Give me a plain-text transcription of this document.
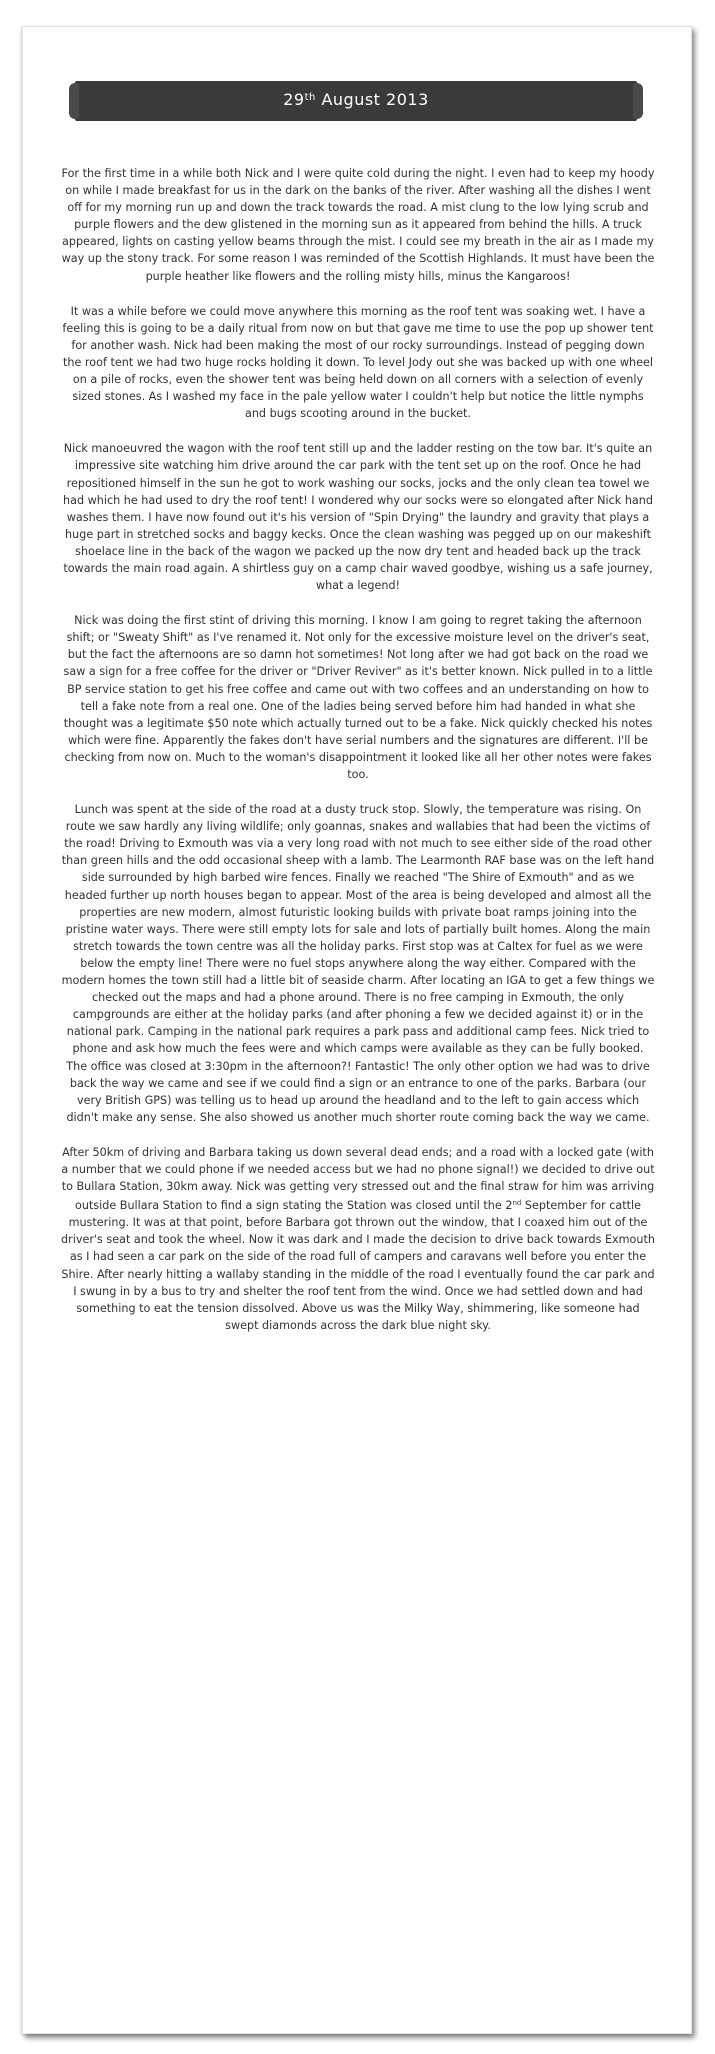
29th August 2013

For the first time in a while both Nick and I were quite cold during the night. I even had to keep my hoody on while I made breakfast for us in the dark on the banks of the river. After washing all the dishes I went off for my morning run up and down the track towards the road. A mist clung to the low lying scrub and purple flowers and the dew glistened in the morning sun as it appeared from behind the hills. A truck appeared, lights on casting yellow beams through the mist. I could see my breath in the air as I made my way up the stony track. For some reason I was reminded of the Scottish Highlands. It must have been the purple heather like flowers and the rolling misty hills, minus the Kangaroos!

It was a while before we could move anywhere this morning as the roof tent was soaking wet. I have a feeling this is going to be a daily ritual from now on but that gave me time to use the pop up shower tent for another wash. Nick had been making the most of our rocky surroundings. Instead of pegging down the roof tent we had two huge rocks holding it down. To level Jody out she was backed up with one wheel on a pile of rocks, even the shower tent was being held down on all corners with a selection of evenly sized stones. As I washed my face in the pale yellow water I couldn't help but notice the little nymphs and bugs scooting around in the bucket.

Nick manoeuvred the wagon with the roof tent still up and the ladder resting on the tow bar. It's quite an impressive site watching him drive around the car park with the tent set up on the roof. Once he had repositioned himself in the sun he got to work washing our socks, jocks and the only clean tea towel we had which he had used to dry the roof tent! I wondered why our socks were so elongated after Nick hand washes them. I have now found out it's his version of "Spin Drying" the laundry and gravity that plays a huge part in stretched socks and baggy kecks. Once the clean washing was pegged up on our makeshift shoelace line in the back of the wagon we packed up the now dry tent and headed back up the track towards the main road again. A shirtless guy on a camp chair waved goodbye, wishing us a safe journey, what a legend!

Nick was doing the first stint of driving this morning. I know I am going to regret taking the afternoon shift; or "Sweaty Shift" as I've renamed it. Not only for the excessive moisture level on the driver's seat, but the fact the afternoons are so damn hot sometimes! Not long after we had got back on the road we saw a sign for a free coffee for the driver or "Driver Reviver" as it's better known. Nick pulled in to a little BP service station to get his free coffee and came out with two coffees and an understanding on how to tell a fake note from a real one. One of the ladies being served before him had handed in what she thought was a legitimate $50 note which actually turned out to be a fake. Nick quickly checked his notes which were fine. Apparently the fakes don't have serial numbers and the signatures are different. I'll be checking from now on. Much to the woman's disappointment it looked like all her other notes were fakes too.

Lunch was spent at the side of the road at a dusty truck stop. Slowly, the temperature was rising. On route we saw hardly any living wildlife; only goannas, snakes and wallabies that had been the victims of the road! Driving to Exmouth was via a very long road with not much to see either side of the road other than green hills and the odd occasional sheep with a lamb. The Learmonth RAF base was on the left hand side surrounded by high barbed wire fences. Finally we reached "The Shire of Exmouth" and as we headed further up north houses began to appear. Most of the area is being developed and almost all the properties are new modern, almost futuristic looking builds with private boat ramps joining into the pristine water ways. There were still empty lots for sale and lots of partially built homes. Along the main stretch towards the town centre was all the holiday parks. First stop was at Caltex for fuel as we were below the empty line! There were no fuel stops anywhere along the way either. Compared with the modern homes the town still had a little bit of seaside charm. After locating an IGA to get a few things we checked out the maps and had a phone around. There is no free camping in Exmouth, the only campgrounds are either at the holiday parks (and after phoning a few we decided against it) or in the national park. Camping in the national park requires a park pass and additional camp fees. Nick tried to phone and ask how much the fees were and which camps were available as they can be fully booked. The office was closed at 3:30pm in the afternoon?! Fantastic! The only other option we had was to drive back the way we came and see if we could find a sign or an entrance to one of the parks. Barbara (our very British GPS) was telling us to head up around the headland and to the left to gain access which didn't make any sense. She also showed us another much shorter route coming back the way we came.

After 50km of driving and Barbara taking us down several dead ends; and a road with a locked gate (with a number that we could phone if we needed access but we had no phone signal!) we decided to drive out to Bullara Station, 30km away. Nick was getting very stressed out and the final straw for him was arriving outside Bullara Station to find a sign stating the Station was closed until the 2nd September for cattle mustering. It was at that point, before Barbara got thrown out the window, that I coaxed him out of the driver's seat and took the wheel. Now it was dark and I made the decision to drive back towards Exmouth as I had seen a car park on the side of the road full of campers and caravans well before you enter the Shire. After nearly hitting a wallaby standing in the middle of the road I eventually found the car park and I swung in by a bus to try and shelter the roof tent from the wind. Once we had settled down and had something to eat the tension dissolved. Above us was the Milky Way, shimmering, like someone had swept diamonds across the dark blue night sky.
